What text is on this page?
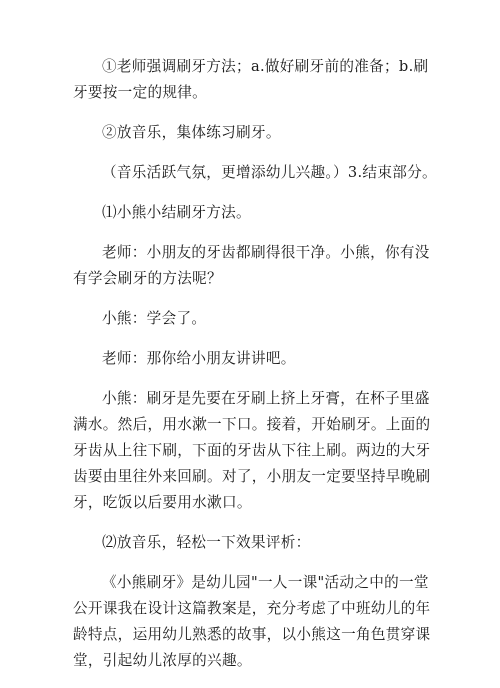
①老师强调刷牙方法；a.做好刷牙前的准备；b.刷牙要按一定的规律。

②放音乐，集体练习刷牙。

（音乐活跃气氛，更增添幼儿兴趣。）3.结束部分。

⑴小熊小结刷牙方法。

老师：小朋友的牙齿都刷得很干净。小熊，你有没有学会刷牙的方法呢？

小熊：学会了。

老师：那你给小朋友讲讲吧。

小熊：刷牙是先要在牙刷上挤上牙膏，在杯子里盛满水。然后，用水漱一下口。接着，开始刷牙。上面的牙齿从上往下刷，下面的牙齿从下往上刷。两边的大牙齿要由里往外来回刷。对了，小朋友一定要坚持早晚刷牙，吃饭以后要用水漱口。

⑵放音乐，轻松一下效果评析：

《小熊刷牙》是幼儿园"一人一课"活动之中的一堂公开课我在设计这篇教案是，充分考虑了中班幼儿的年龄特点，运用幼儿熟悉的故事，以小熊这一角色贯穿课堂，引起幼儿浓厚的兴趣。
